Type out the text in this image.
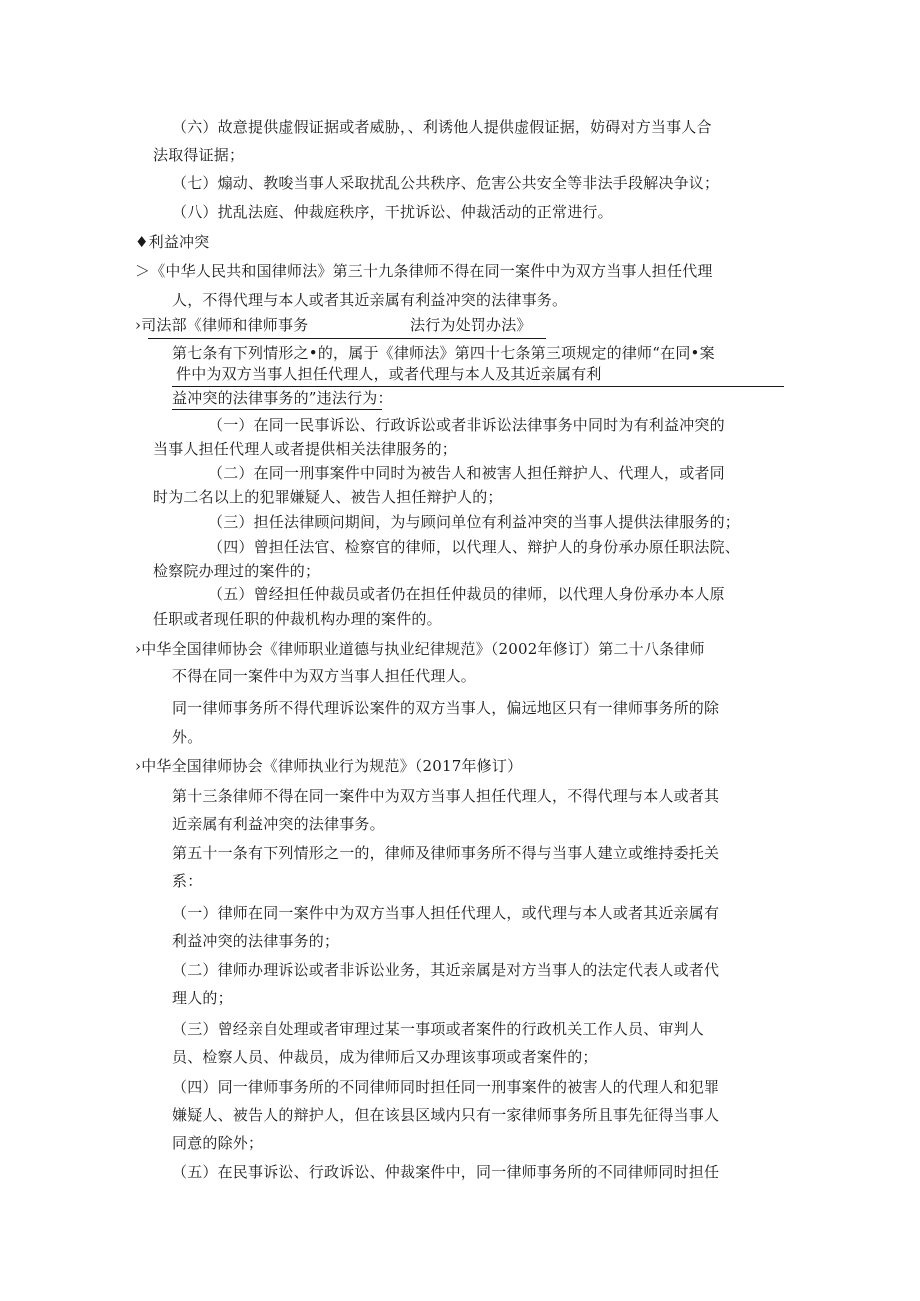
（六）故意提供虚假证据或者威胁，、利诱他人提供虚假证据，妨碍对方当事人合
法取得证据；
（七）煽动、教唆当事人采取扰乱公共秩序、危害公共安全等非法手段解决争议；
（八）扰乱法庭、仲裁庭秩序，干扰诉讼、仲裁活动的正常进行。
♦利益冲突
＞《中华人民共和国律师法》第三十九条律师不得在同一案件中为双方当事人担任代理
人，不得代理与本人或者其近亲属有利益冲突的法律事务。
›司法部《律师和律师事务	法行为处罚办法》
第七条有下列情形之•的，属于《律师法》第四十七条第三项规定的律师“在同•案
件中为双方当事人担任代理人，或者代理与本人及其近亲属有利
益冲突的法律事务的”违法行为：
（一）在同一民事诉讼、行政诉讼或者非诉讼法律事务中同时为有利益冲突的
当事人担任代理人或者提供相关法律服务的；
（二）在同一刑事案件中同时为被告人和被害人担任辩护人、代理人，或者同
时为二名以上的犯罪嫌疑人、被告人担任辩护人的；
（三）担任法律顾问期间，为与顾问单位有利益冲突的当事人提供法律服务的；
（四）曾担任法官、检察官的律师，以代理人、辩护人的身份承办原任职法院、
检察院办理过的案件的；
（五）曾经担任仲裁员或者仍在担任仲裁员的律师，以代理人身份承办本人原
任职或者现任职的仲裁机构办理的案件的。
›中华全国律师协会《律师职业道德与执业纪律规范》（2002年修订）第二十八条律师
不得在同一案件中为双方当事人担任代理人。
同一律师事务所不得代理诉讼案件的双方当事人，偏远地区只有一律师事务所的除
外。
›中华全国律师协会《律师执业行为规范》（2017年修订）
第十三条律师不得在同一案件中为双方当事人担任代理人，不得代理与本人或者其
近亲属有利益冲突的法律事务。
第五十一条有下列情形之一的，律师及律师事务所不得与当事人建立或维持委托关
系：
（一）律师在同一案件中为双方当事人担任代理人，或代理与本人或者其近亲属有
利益冲突的法律事务的；
（二）律师办理诉讼或者非诉讼业务，其近亲属是对方当事人的法定代表人或者代
理人的；
（三）曾经亲自处理或者审理过某一事项或者案件的行政机关工作人员、审判人
员、检察人员、仲裁员，成为律师后又办理该事项或者案件的；
（四）同一律师事务所的不同律师同时担任同一刑事案件的被害人的代理人和犯罪
嫌疑人、被告人的辩护人，但在该县区域内只有一家律师事务所且事先征得当事人
同意的除外；
（五）在民事诉讼、行政诉讼、仲裁案件中，同一律师事务所的不同律师同时担任
